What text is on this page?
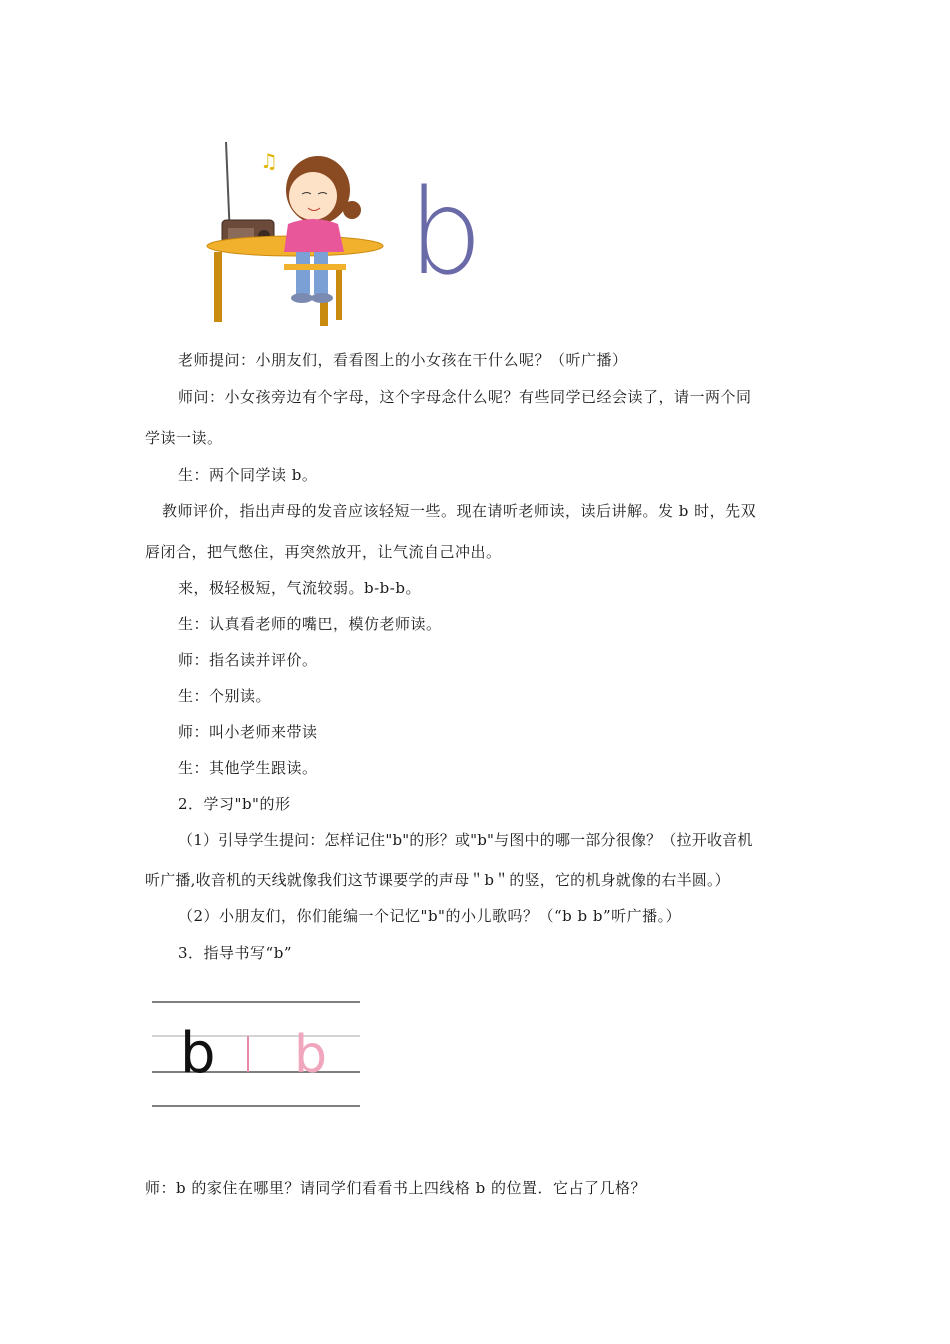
♫
b
老师提问：小朋友们，看看图上的小女孩在干什么呢？（听广播）
师问：小女孩旁边有个字母，这个字母念什么呢？有些同学已经会读了，请一两个同
学读一读。
生：两个同学读 b。
教师评价，指出声母的发音应该轻短一些。现在请听老师读，读后讲解。发 b 时，先双
唇闭合，把气憋住，再突然放开，让气流自己冲出。
来，极轻极短，气流较弱。b-b-b。
生：认真看老师的嘴巴，模仿老师读。
师：指名读并评价。
生：个别读。
师：叫小老师来带读
生：其他学生跟读。
2．学习"b"的形
（1）引导学生提问：怎样记住"b"的形？或"b"与图中的哪一部分很像？（拉开收音机
听广播,收音机的天线就像我们这节课要学的声母＂b＂的竖，它的机身就像的右半圆。）
（2）小朋友们，你们能编一个记忆"b"的小儿歌吗？（“b b b”听广播。）
3．指导书写“b”
b b
师：b 的家住在哪里？请同学们看看书上四线格 b 的位置．它占了几格？
